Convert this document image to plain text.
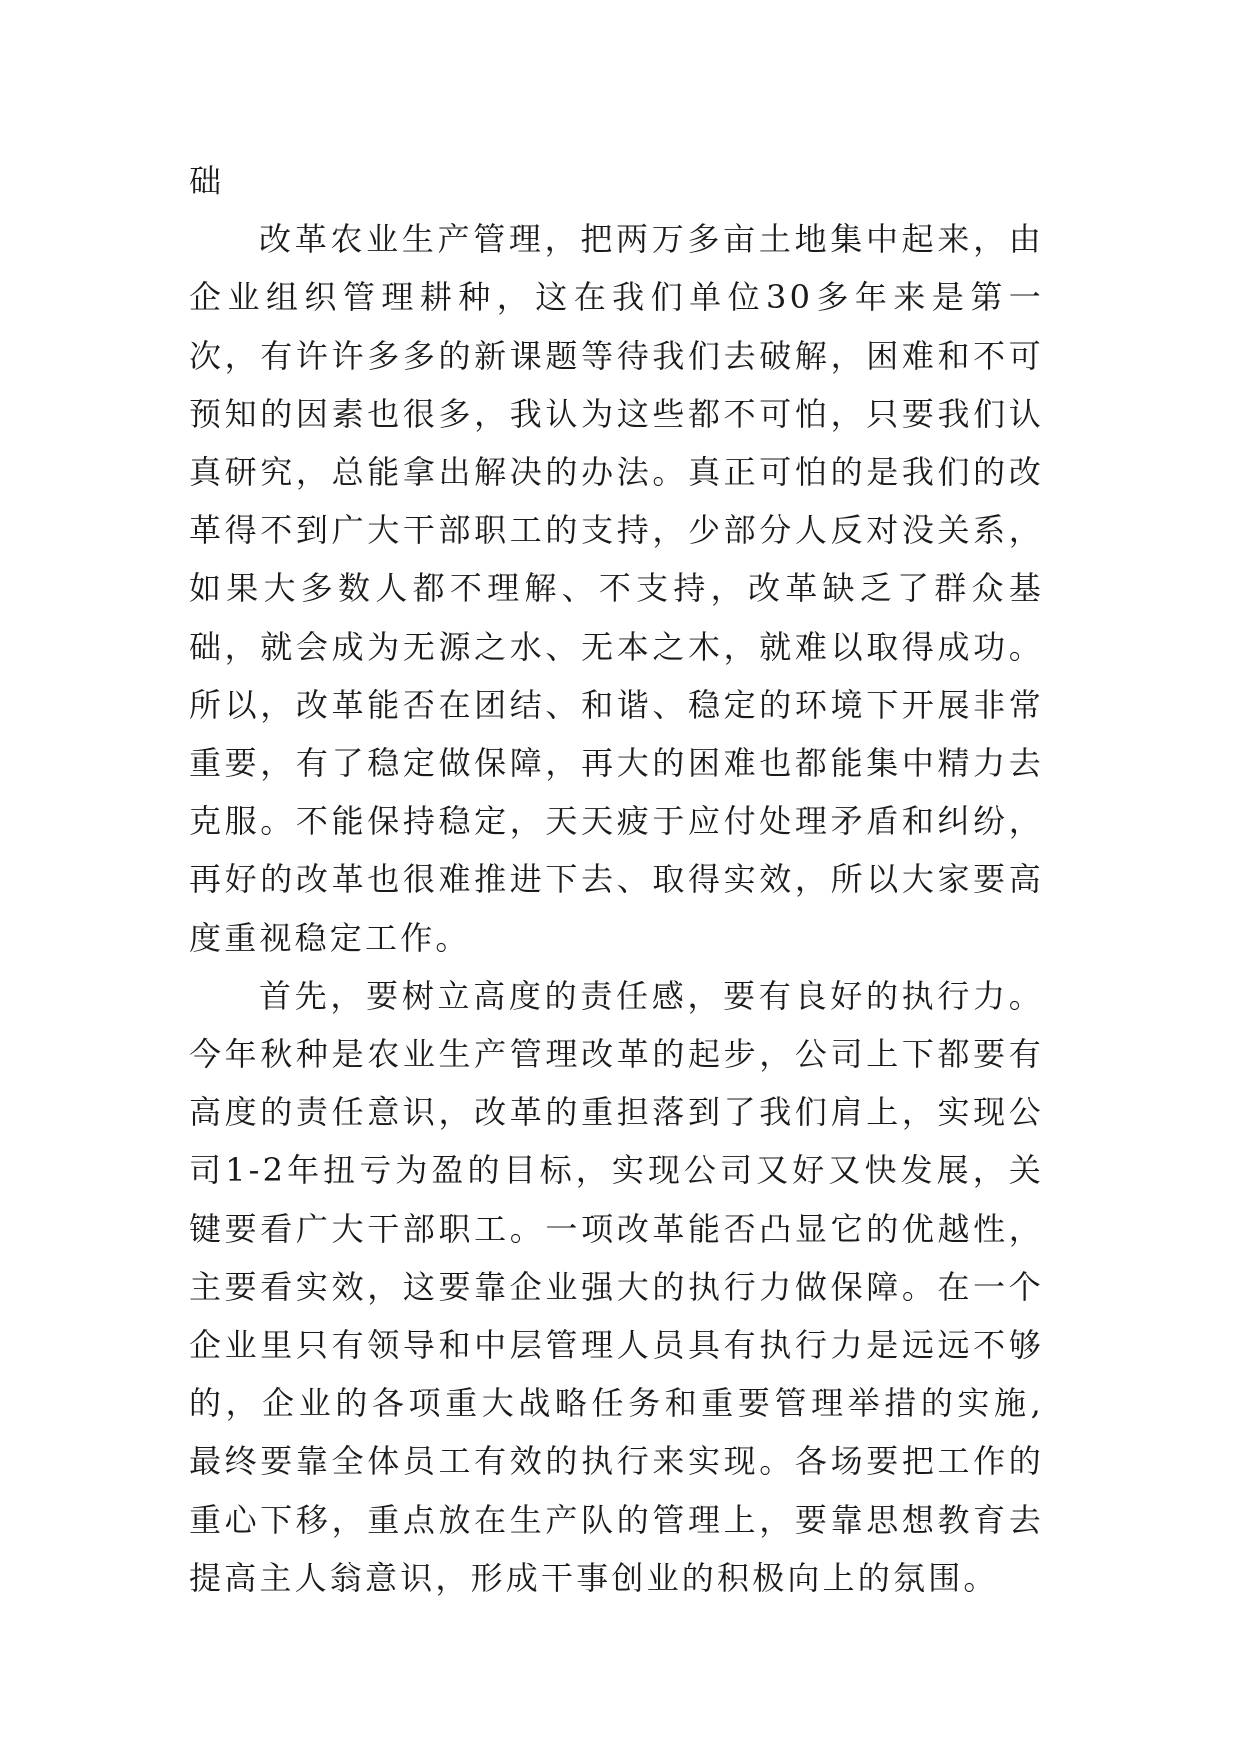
础

改革农业生产管理，把两万多亩土地集中起来，由企业组织管理耕种，这在我们单位30多年来是第一次，有许许多多的新课题等待我们去破解，困难和不可预知的因素也很多，我认为这些都不可怕，只要我们认真研究，总能拿出解决的办法。真正可怕的是我们的改革得不到广大干部职工的支持，少部分人反对没关系，如果大多数人都不理解、不支持，改革缺乏了群众基础，就会成为无源之水、无本之木，就难以取得成功。所以，改革能否在团结、和谐、稳定的环境下开展非常重要，有了稳定做保障，再大的困难也都能集中精力去克服。不能保持稳定，天天疲于应付处理矛盾和纠纷，再好的改革也很难推进下去、取得实效，所以大家要高度重视稳定工作。

首先，要树立高度的责任感，要有良好的执行力。今年秋种是农业生产管理改革的起步，公司上下都要有高度的责任意识，改革的重担落到了我们肩上，实现公司1-2年扭亏为盈的目标，实现公司又好又快发展，关键要看广大干部职工。一项改革能否凸显它的优越性，主要看实效，这要靠企业强大的执行力做保障。在一个企业里只有领导和中层管理人员具有执行力是远远不够的，企业的各项重大战略任务和重要管理举措的实施,最终要靠全体员工有效的执行来实现。各场要把工作的重心下移，重点放在生产队的管理上，要靠思想教育去提高主人翁意识，形成干事创业的积极向上的氛围。
